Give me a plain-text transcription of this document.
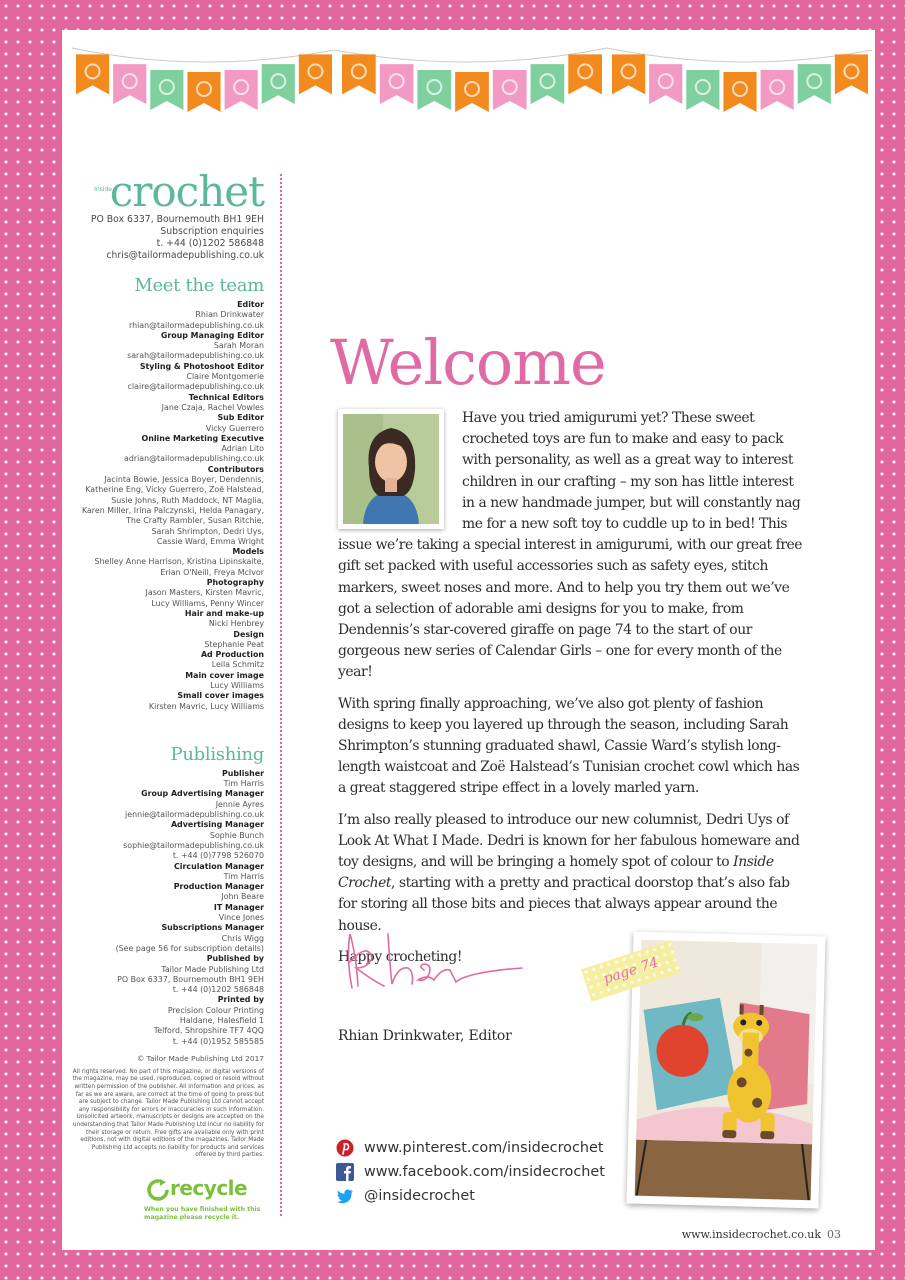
Inside
crochet
PO Box 6337, Bournemouth BH1 9EH
Subscription enquiries
t. +44 (0)1202 586848
chris@tailormadepublishing.co.uk
Meet the team
Editor
Rhian Drinkwater
rhian@tailormadepublishing.co.uk
Group Managing Editor
Sarah Moran
sarah@tailormadepublishing.co.uk
Styling & Photoshoot Editor
Claire Montgomerie
claire@tailormadepublishing.co.uk
Technical Editors
Jane Czaja, Rachel Vowles
Sub Editor
Vicky Guerrero
Online Marketing Executive
Adrian Lito
adrian@tailormadepublishing.co.uk
Contributors
Jacinta Bowie, Jessica Boyer, Dendennis,
Katherine Eng, Vicky Guerrero, Zoë Halstead,
Susie Johns, Ruth Maddock, NT Maglia,
Karen Miller, Irina Palczynski, Helda Panagary,
The Crafty Rambler, Susan Ritchie,
Sarah Shrimpton, Dedri Uys,
Cassie Ward, Emma Wright
Models
Shelley Anne Harrison, Kristina Lipinskaite,
Erian O'Neill, Freya McIvor
Photography
Jason Masters, Kirsten Mavric,
Lucy Williams, Penny Wincer
Hair and make-up
Nicki Henbrey
Design
Stephanie Peat
Ad Production
Leila Schmitz
Main cover image
Lucy Williams
Small cover images
Kirsten Mavric, Lucy Williams
Publishing
Publisher
Tim Harris
Group Advertising Manager
Jennie Ayres
jennie@tailormadepublishing.co.uk
Advertising Manager
Sophie Bunch
sophie@tailormadepublishing.co.uk
t. +44 (0)7798 526070
Circulation Manager
Tim Harris
Production Manager
John Beare
IT Manager
Vince Jones
Subscriptions Manager
Chris Wigg
(See page 56 for subscription details)
Published by
Tailor Made Publishing Ltd
PO Box 6337, Bournemouth BH1 9EH
t. +44 (0)1202 586848
Printed by
Precision Colour Printing
Haldane, Halesfield 1
Telford, Shropshire TF7 4QQ
t. +44 (0)1952 585585
© Tailor Made Publishing Ltd 2017
All rights reserved. No part of this magazine, or digital versions of the magazine, may be used, reproduced, copied or resold without written permission of the publisher. All information and prices, as far as we are aware, are correct at the time of going to press but are subject to change. Tailor Made Publishing Ltd cannot accept any responsibility for errors or inaccuracies in such information. Unsolicited artwork, manuscripts or designs are accepted on the understanding that Tailor Made Publishing Ltd incur no liability for their storage or return. Free gifts are available only with print editions, not with digital editions of the magazines. Tailor Made Publishing Ltd accepts no liability for products and services offered by third parties.
recycle
When you have finished with this magazine please recycle it.
Welcome

Have you tried amigurumi yet? These sweet crocheted toys are fun to make and easy to pack with personality, as well as a great way to interest children in our crafting – my son has little interest in a new handmade jumper, but will constantly nag me for a new soft toy to cuddle up to in bed! This issue we’re taking a special interest in amigurumi, with our great free gift set packed with useful accessories such as safety eyes, stitch markers, sweet noses and more. And to help you try them out we’ve got a selection of adorable ami designs for you to make, from Dendennis’s star-covered giraffe on page 74 to the start of our gorgeous new series of Calendar Girls – one for every month of the year!

With spring finally approaching, we’ve also got plenty of fashion designs to keep you layered up through the season, including Sarah Shrimpton’s stunning graduated shawl, Cassie Ward’s stylish long-length waistcoat and Zoë Halstead’s Tunisian crochet cowl which has a great staggered stripe effect in a lovely marled yarn.

I’m also really pleased to introduce our new columnist, Dedri Uys of Look At What I Made. Dedri is known for her fabulous homeware and toy designs, and will be bringing a homely spot of colour to Inside Crochet, starting with a pretty and practical doorstop that’s also fab for storing all those bits and pieces that always appear around the house.

Happy crocheting!

Rhian Drinkwater, Editor
page 74
www.pinterest.com/insidecrochet
www.facebook.com/insidecrochet
@insidecrochet
www.insidecrochet.co.uk 03
